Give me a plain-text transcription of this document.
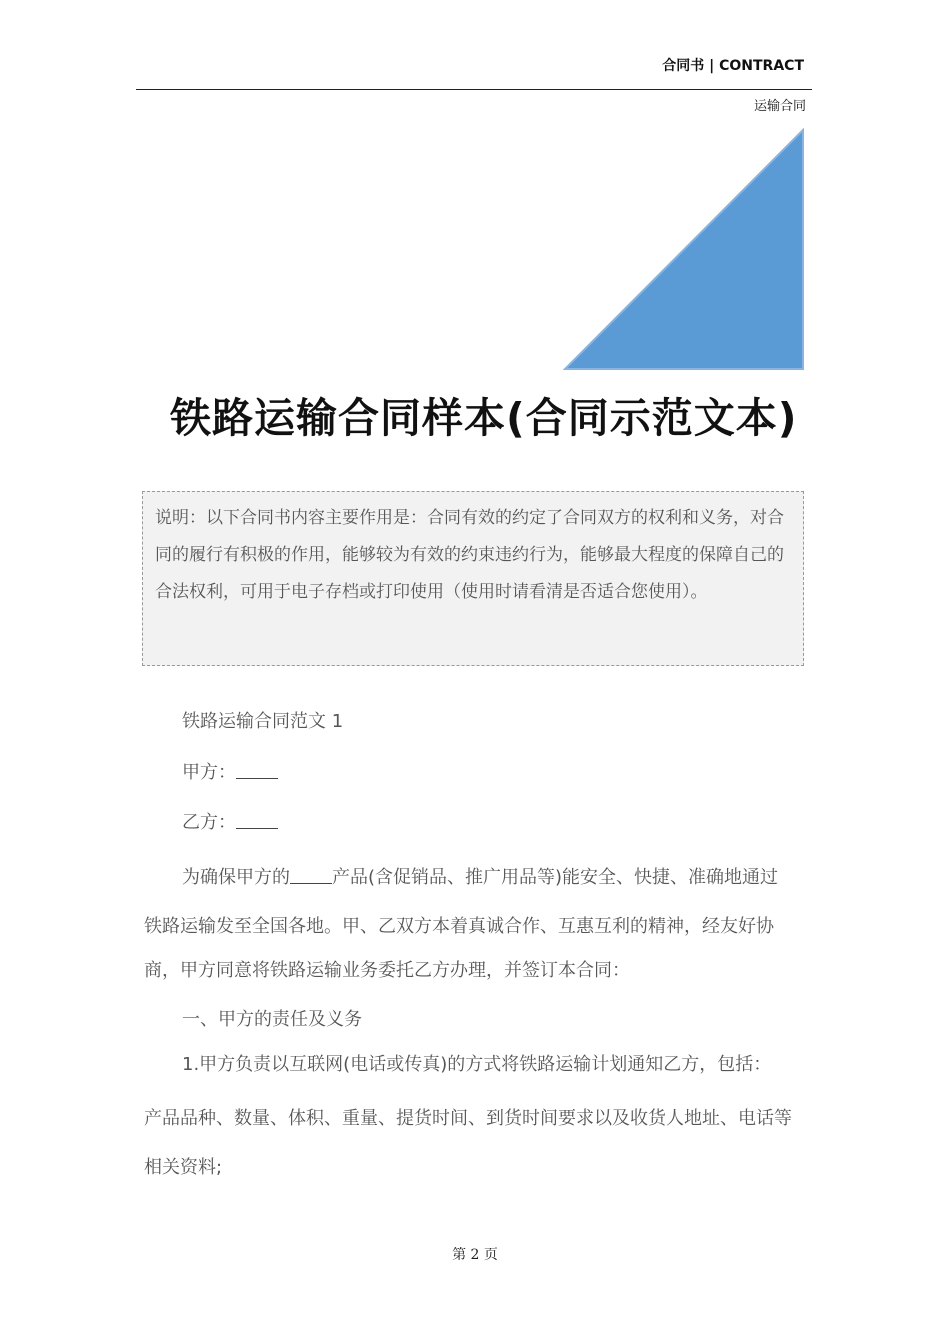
合同书 | CONTRACT
运输合同
铁路运输合同样本(合同示范文本)

说明：以下合同书内容主要作用是：合同有效的约定了合同双方的权利和义务，对合同的履行有积极的作用，能够较为有效的约束违约行为，能够最大程度的保障自己的合法权利，可用于电子存档或打印使用（使用时请看清是否适合您使用）。

铁路运输合同范文 1

甲方：

乙方：

为确保甲方的 产品(含促销品、推广用品等)能安全、快捷、准确地通过

铁路运输发至全国各地。甲、乙双方本着真诚合作、互惠互利的精神，经友好协

商，甲方同意将铁路运输业务委托乙方办理，并签订本合同：

一、甲方的责任及义务

1.甲方负责以互联网(电话或传真)的方式将铁路运输计划通知乙方，包括：

产品品种、数量、体积、重量、提货时间、到货时间要求以及收货人地址、电话等

相关资料;

第 2 页
